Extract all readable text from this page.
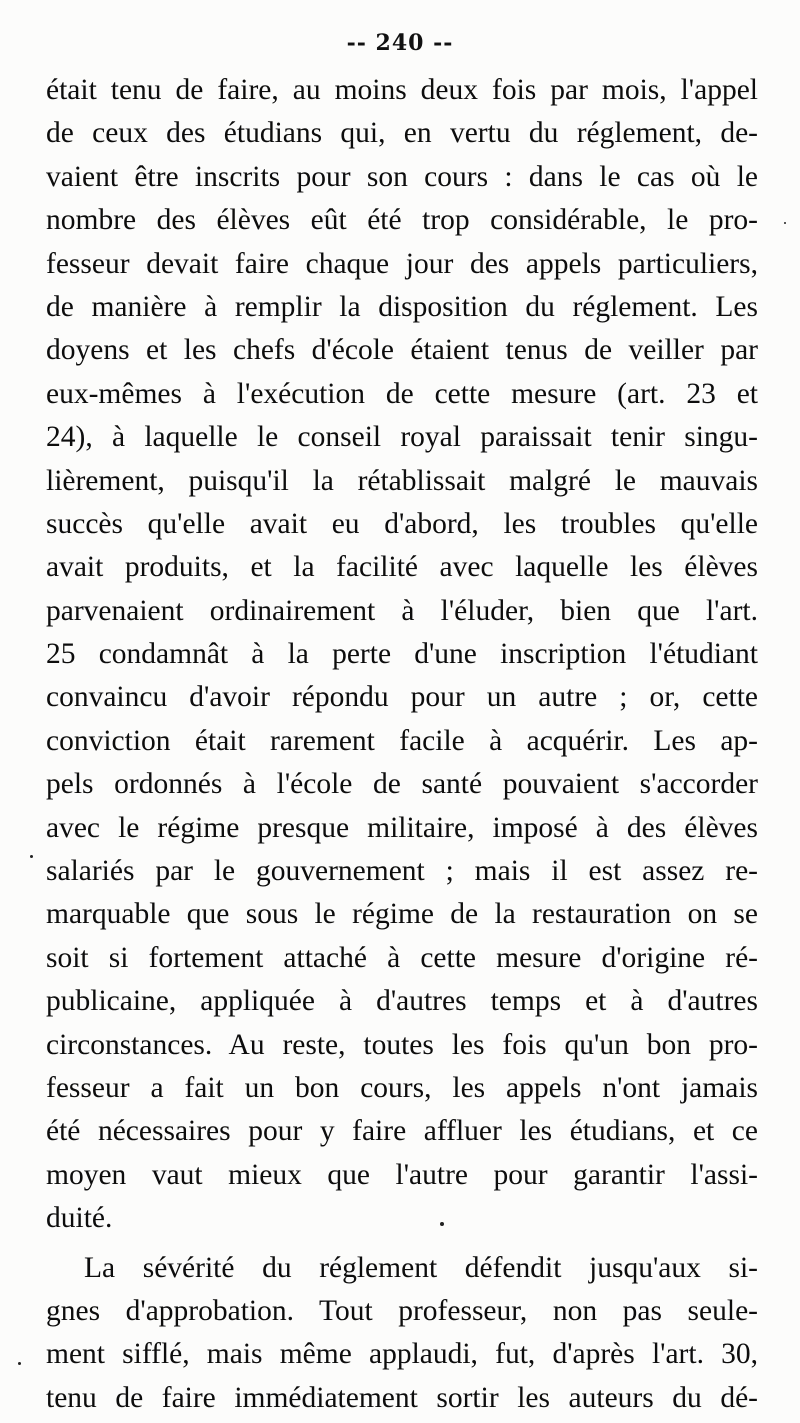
-- 240 --
était tenu de faire, au moins deux fois par mois, l'appel
de ceux des étudians qui, en vertu du réglement, de-
vaient être inscrits pour son cours : dans le cas où le
nombre des élèves eût été trop considérable, le pro-
fesseur devait faire chaque jour des appels particuliers,
de manière à remplir la disposition du réglement. Les
doyens et les chefs d'école étaient tenus de veiller par
eux-mêmes à l'exécution de cette mesure (art. 23 et
24), à laquelle le conseil royal paraissait tenir singu-
lièrement, puisqu'il la rétablissait malgré le mauvais
succès qu'elle avait eu d'abord, les troubles qu'elle
avait produits, et la facilité avec laquelle les élèves
parvenaient ordinairement à l'éluder, bien que l'art.
25 condamnât à la perte d'une inscription l'étudiant
convaincu d'avoir répondu pour un autre ; or, cette
conviction était rarement facile à acquérir. Les ap-
pels ordonnés à l'école de santé pouvaient s'accorder
avec le régime presque militaire, imposé à des élèves
salariés par le gouvernement ; mais il est assez re-
marquable que sous le régime de la restauration on se
soit si fortement attaché à cette mesure d'origine ré-
publicaine, appliquée à d'autres temps et à d'autres
circonstances. Au reste, toutes les fois qu'un bon pro-
fesseur a fait un bon cours, les appels n'ont jamais
été nécessaires pour y faire affluer les étudians, et ce
moyen vaut mieux que l'autre pour garantir l'assi-
duité.
La sévérité du réglement défendit jusqu'aux si-
gnes d'approbation. Tout professeur, non pas seule-
ment sifflé, mais même applaudi, fut, d'après l'art. 30,
tenu de faire immédiatement sortir les auteurs du dé-
